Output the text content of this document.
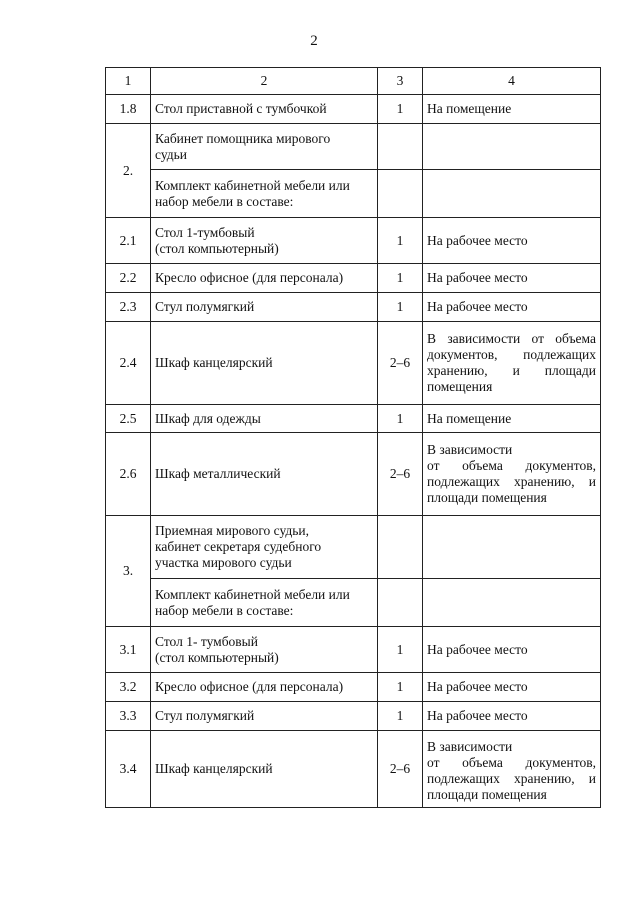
2
1	2	3	4
1.8	Стол приставной с тумбочкой	1	На помещение
2.	Кабинет помощника мирового
судьи		

	Комплект кабинетной мебели или
набор мебели в составе:		

2.1	Стол 1-тумбовый
(стол компьютерный)	1	На рабочее место
2.2	Кресло офисное (для персонала)	1	На рабочее место
2.3	Стул полумягкий	1	На рабочее место
2.4	Шкаф канцелярский	2–6	В зависимости от объема
документов, подлежащих
хранению, и площади
помещения

2.5	Шкаф для одежды	1	На помещение
2.6	Шкаф металлический	2–6	В зависимости
от объема документов,
подлежащих хранению, и
площади помещения

3.	Приемная мирового судьи,
кабинет секретаря судебного
участка мирового судьи		

	Комплект кабинетной мебели или
набор мебели в составе:		

3.1	Стол 1- тумбовый
(стол компьютерный)	1	На рабочее место
3.2	Кресло офисное (для персонала)	1	На рабочее место
3.3	Стул полумягкий	1	На рабочее место
3.4	Шкаф канцелярский	2–6	В зависимости
от объема документов,
подлежащих хранению, и
площади помещения
